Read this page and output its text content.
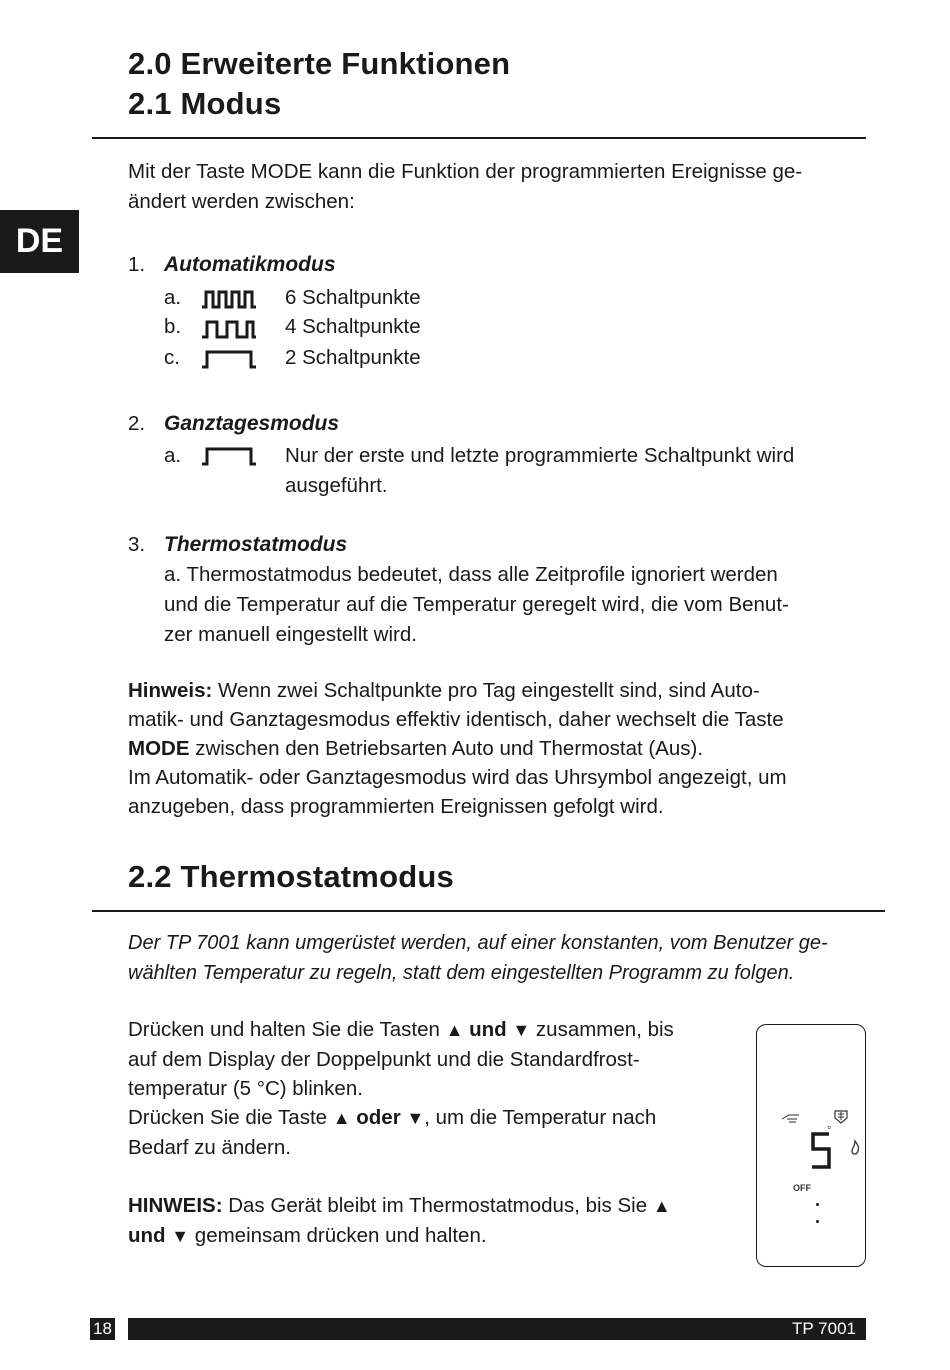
DE
2.0 Erweiterte Funktionen
2.1 Modus
Mit der Taste MODE kann die Funktion der programmierten Ereignisse ge-
ändert werden zwischen:
1. Automatikmodus
a.	6 Schaltpunkte
b.	4 Schaltpunkte
c.	2 Schaltpunkte
2. Ganztagesmodus
a.	Nur der erste und letzte programmierte Schaltpunkt wird
ausgeführt.
3. Thermostatmodus
a. Thermostatmodus bedeutet, dass alle Zeitprofile ignoriert werden
und die Temperatur auf die Temperatur geregelt wird, die vom Benut-
zer manuell eingestellt wird.
Hinweis: Wenn zwei Schaltpunkte pro Tag eingestellt sind, sind Auto-
matik- und Ganztagesmodus effektiv identisch, daher wechselt die Taste
MODE zwischen den Betriebsarten Auto und Thermostat (Aus).
Im Automatik- oder Ganztagesmodus wird das Uhrsymbol angezeigt, um
anzugeben, dass programmierten Ereignissen gefolgt wird.
2.2 Thermostatmodus
Der TP 7001 kann umgerüstet werden, auf einer konstanten, vom Benutzer ge-
wählten Temperatur zu regeln, statt dem eingestellten Programm zu folgen.
Drücken und halten Sie die Tasten ▲ und ▼ zusammen, bis
auf dem Display der Doppelpunkt und die Standardfrost-
temperatur (5 °C) blinken.
Drücken Sie die Taste ▲ oder ▼, um die Temperatur nach
Bedarf zu ändern.
HINWEIS: Das Gerät bleibt im Thermostatmodus, bis Sie ▲
und ▼ gemeinsam drücken und halten.
°
OFF
18	TP 7001
